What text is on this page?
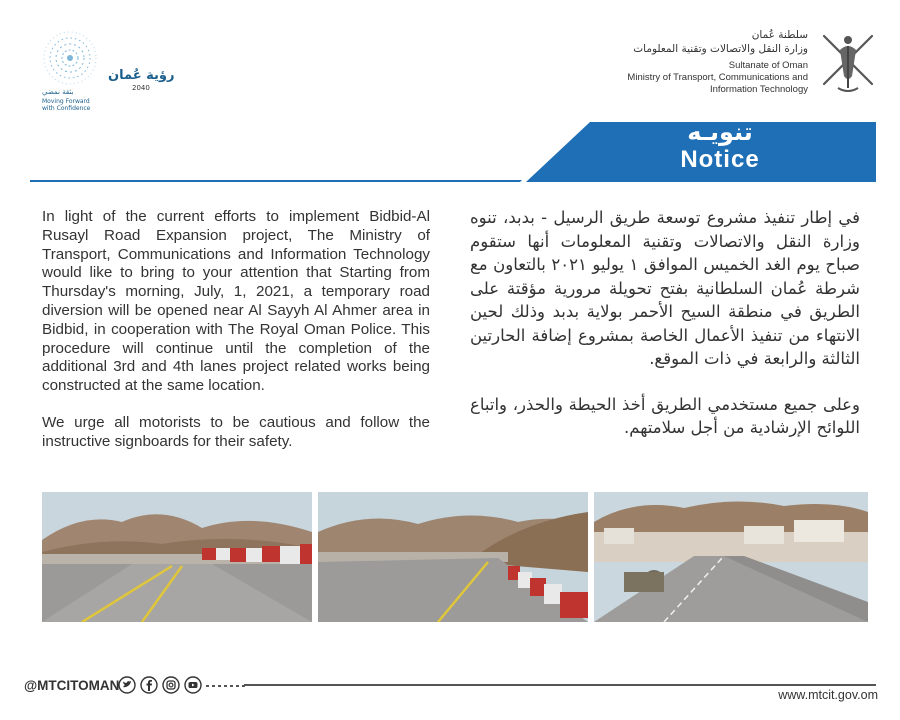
رؤية عُمان
2040
بثقة نمضي
Moving Forward
with Confidence
سلطنة عُمان
وزارة النقل والاتصالات وتقنية المعلومات
Sultanate of Oman
Ministry of Transport, Communications and
Information Technology
تنويـه
Notice

In light of the current efforts to implement Bidbid-Al Rusayl Road Expansion project, The Ministry of Transport, Communications and Information Technology would like to bring to your attention that Starting from Thursday's morning, July, 1, 2021, a temporary road diversion will be opened near Al Sayyh Al Ahmer area in Bidbid, in cooperation with The Royal Oman Police. This procedure will continue until the completion of the additional 3rd and 4th lanes project related works being constructed at the same location.

We urge all motorists to be cautious and follow the instructive signboards for their safety.

في إطار تنفيذ مشروع توسعة طريق الرسيل - بدبد، تنوه وزارة النقل والاتصالات وتقنية المعلومات أنها ستقوم صباح يوم الغد الخميس الموافق ١ يوليو ٢٠٢١ بالتعاون مع شرطة عُمان السلطانية بفتح تحويلة مرورية مؤقتة على الطريق في منطقة السيح الأحمر بولاية بدبد وذلك لحين الانتهاء من تنفيذ الأعمال الخاصة بمشروع إضافة الحارتين الثالثة والرابعة في ذات الموقع.

وعلى جميع مستخدمي الطريق أخذ الحيطة والحذر، واتباع اللوائح الإرشادية من أجل سلامتهم.

@MTCITOMAN
www.mtcit.gov.om
